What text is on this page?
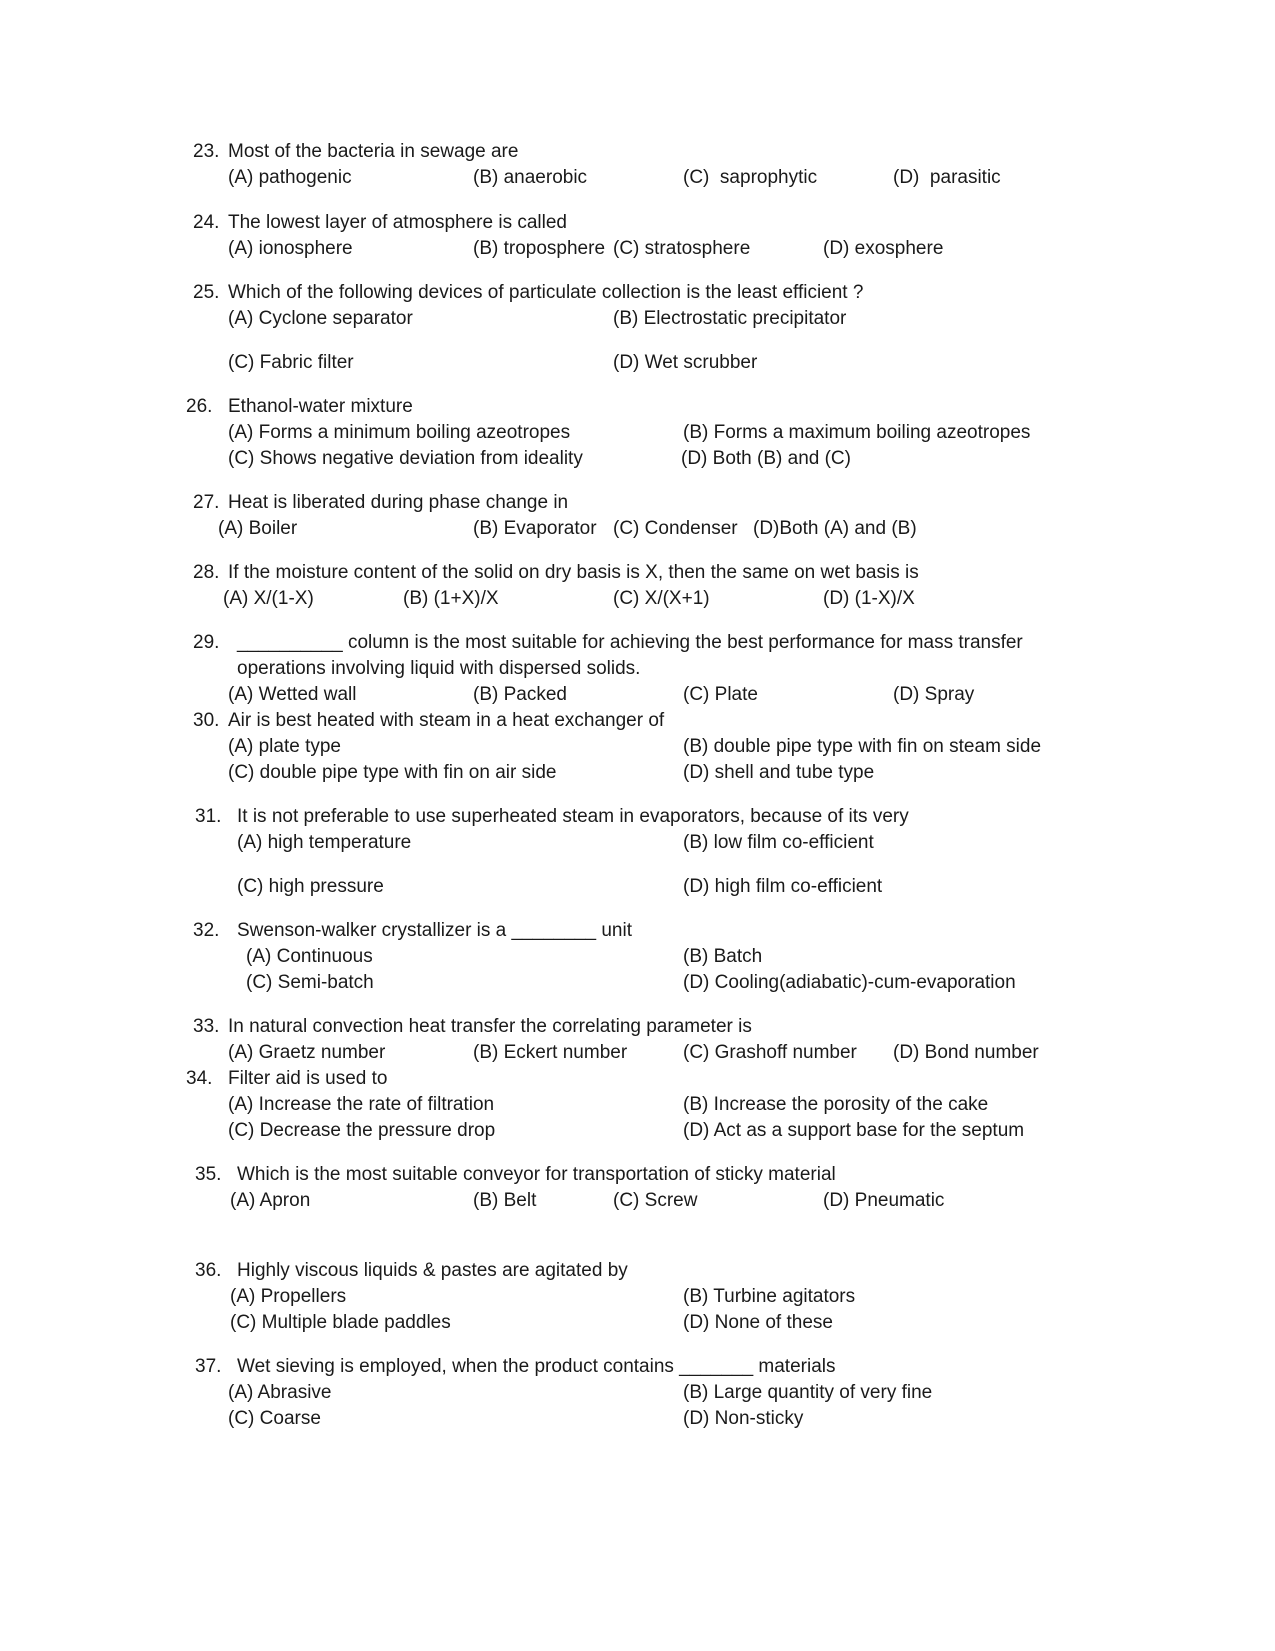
23. Most of the bacteria in sewage are
(A) pathogenic	(B) anaerobic	(C)  saprophytic	(D)  parasitic
24. The lowest layer of atmosphere is called
(A) ionosphere	(B) troposphere (C) stratosphere	(D) exosphere
25. Which of the following devices of particulate collection is the least efficient ?
(A) Cyclone separator	(B) Electrostatic precipitator
(C) Fabric filter	(D) Wet scrubber
26. Ethanol-water mixture
(A) Forms a minimum boiling azeotropes	(B) Forms a maximum boiling azeotropes
(C) Shows negative deviation from ideality	(D) Both (B) and (C)
27. Heat is liberated during phase change in
(A) Boiler	(B) Evaporator (C) Condenser (D)Both (A) and (B)
28. If the moisture content of the solid on dry basis is X, then the same on wet basis is
(A) X/(1-X)	(B) (1+X)/X	(C) X/(X+1)	(D) (1-X)/X
29. __________ column is the most suitable for achieving the best performance for mass transfer
operations involving liquid with dispersed solids.
(A) Wetted wall	(B) Packed	(C) Plate	(D) Spray
30. Air is best heated with steam in a heat exchanger of
(A) plate type	(B) double pipe type with fin on steam side
(C) double pipe type with fin on air side	(D) shell and tube type
31. It is not preferable to use superheated steam in evaporators, because of its very
(A) high temperature	(B) low film co-efficient
(C) high pressure	(D) high film co-efficient
32. Swenson-walker crystallizer is a ________ unit
(A) Continuous	(B) Batch
(C) Semi-batch	(D) Cooling(adiabatic)-cum-evaporation
33. In natural convection heat transfer the correlating parameter is
(A) Graetz number	(B) Eckert number	(C) Grashoff number (D) Bond number
34. Filter aid is used to
(A) Increase the rate of filtration	(B) Increase the porosity of the cake
(C) Decrease the pressure drop	(D) Act as a support base for the septum
35. Which is the most suitable conveyor for transportation of sticky material
(A) Apron	(B) Belt	(C) Screw	(D) Pneumatic
36. Highly viscous liquids & pastes are agitated by
(A) Propellers	(B) Turbine agitators
(C) Multiple blade paddles	(D) None of these
37. Wet sieving is employed, when the product contains _______ materials
(A) Abrasive	(B) Large quantity of very fine
(C) Coarse	(D) Non-sticky
